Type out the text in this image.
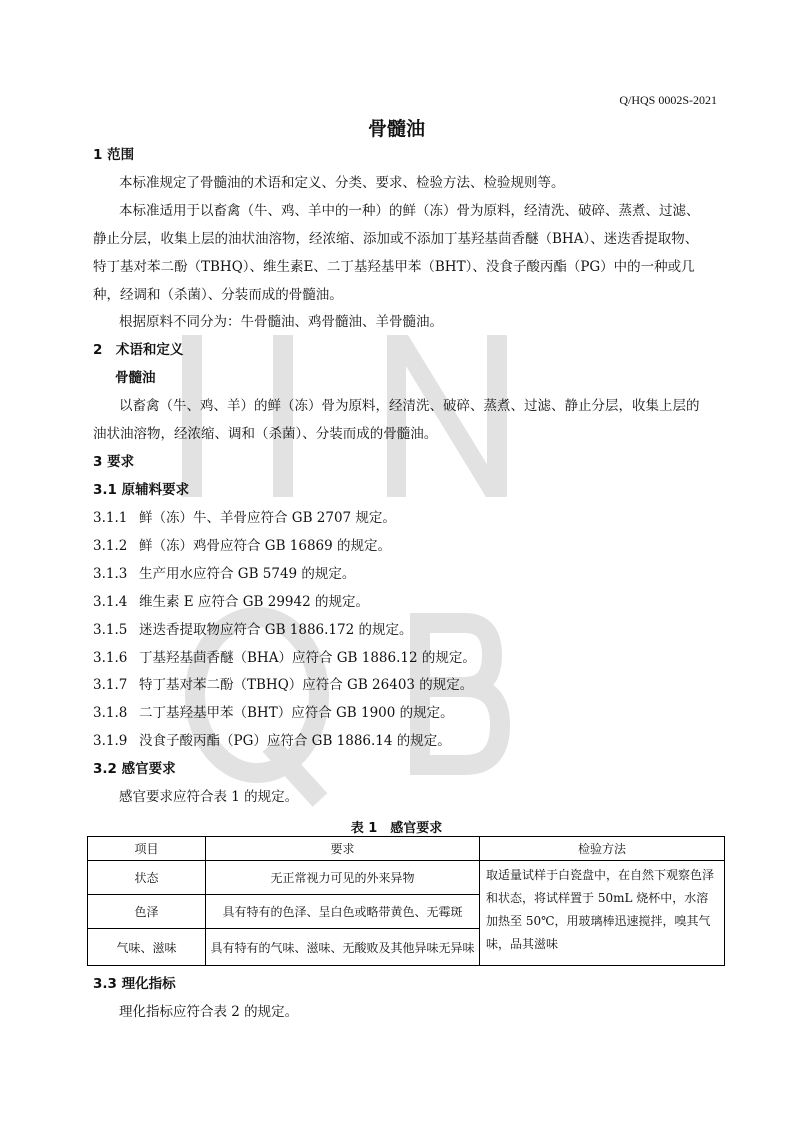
Q/HQS 0002S-2021
骨髓油
1 范围
本标准规定了骨髓油的术语和定义、分类、要求、检验方法、检验规则等。
本标准适用于以畜禽（牛、鸡、羊中的一种）的鲜（冻）骨为原料，经清洗、破碎、蒸煮、过滤、
静止分层，收集上层的油状油溶物，经浓缩、添加或不添加丁基羟基茴香醚（BHA）、迷迭香提取物、
特丁基对苯二酚（TBHQ）、维生素E、二丁基羟基甲苯（BHT）、没食子酸丙酯（PG）中的一种或几
种，经调和（杀菌）、分装而成的骨髓油。
根据原料不同分为：牛骨髓油、鸡骨髓油、羊骨髓油。
2　术语和定义
骨髓油
以畜禽（牛、鸡、羊）的鲜（冻）骨为原料，经清洗、破碎、蒸煮、过滤、静止分层，收集上层的
油状油溶物，经浓缩、调和（杀菌）、分装而成的骨髓油。
3 要求
3.1 原辅料要求
3.1.1 鲜（冻）牛、羊骨应符合 GB 2707 规定。
3.1.2 鲜（冻）鸡骨应符合 GB 16869 的规定。
3.1.3 生产用水应符合 GB 5749 的规定。
3.1.4 维生素 E 应符合 GB 29942 的规定。
3.1.5 迷迭香提取物应符合 GB 1886.172 的规定。
3.1.6 丁基羟基茴香醚（BHA）应符合 GB 1886.12 的规定。
3.1.7 特丁基对苯二酚（TBHQ）应符合 GB 26403 的规定。
3.1.8 二丁基羟基甲苯（BHT）应符合 GB 1900 的规定。
3.1.9 没食子酸丙酯（PG）应符合 GB 1886.14 的规定。
3.2 感官要求
感官要求应符合表 1 的规定。
表 1　感官要求
项目	要求	检验方法
状态	无正常视力可见的外来异物	取适量试样于白瓷盘中，在自然下观察色泽和状态，将试样置于 50mL 烧杯中，水溶加热至 50℃，用玻璃棒迅速搅拌，嗅其气味，品其滋味
色泽	具有特有的色泽、呈白色或略带黄色、无霉斑	
气味、滋味	具有特有的气味、滋味、无酸败及其他异味无异味	
3.3 理化指标
理化指标应符合表 2 的规定。
